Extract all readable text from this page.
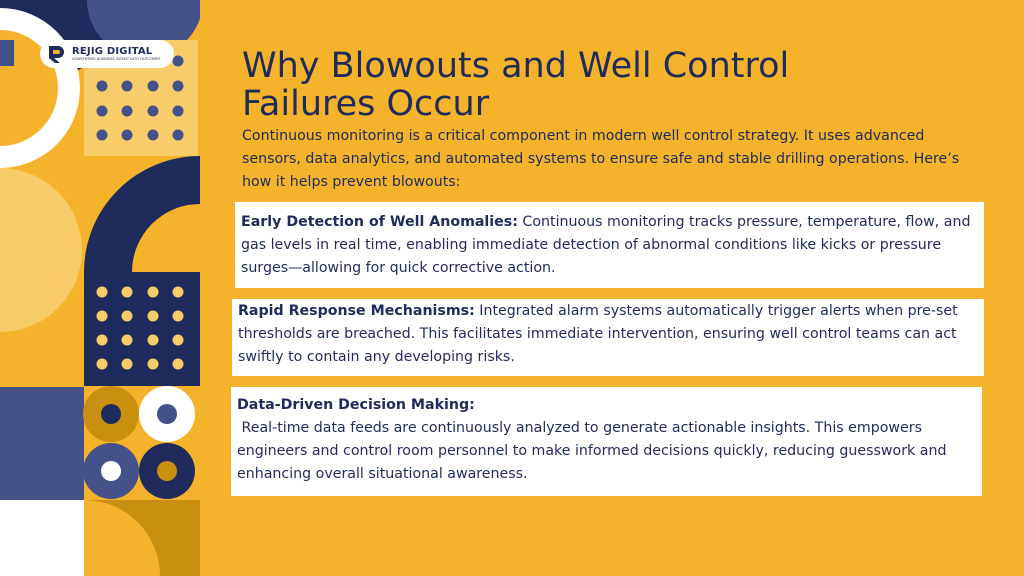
REJIG DIGITAL
CONVERTING BUSINESS INTENT INTO OUTCOMES Why Blowouts and Well Control
Failures Occur

Continuous monitoring is a critical component in modern well control strategy. It uses advanced sensors, data analytics, and automated systems to ensure safe and stable drilling operations. Here’s how it helps prevent blowouts:

Early Detection of Well Anomalies: Continuous monitoring tracks pressure, temperature, flow, and gas levels in real time, enabling immediate detection of abnormal conditions like kicks or pressure surges—allowing for quick corrective action.
Rapid Response Mechanisms: Integrated alarm systems automatically trigger alerts when pre-set thresholds are breached. This facilitates immediate intervention, ensuring well control teams can act swiftly to contain any developing risks.
Data-Driven Decision Making:
Real-time data feeds are continuously analyzed to generate actionable insights. This empowers engineers and control room personnel to make informed decisions quickly, reducing guesswork and enhancing overall situational awareness.
